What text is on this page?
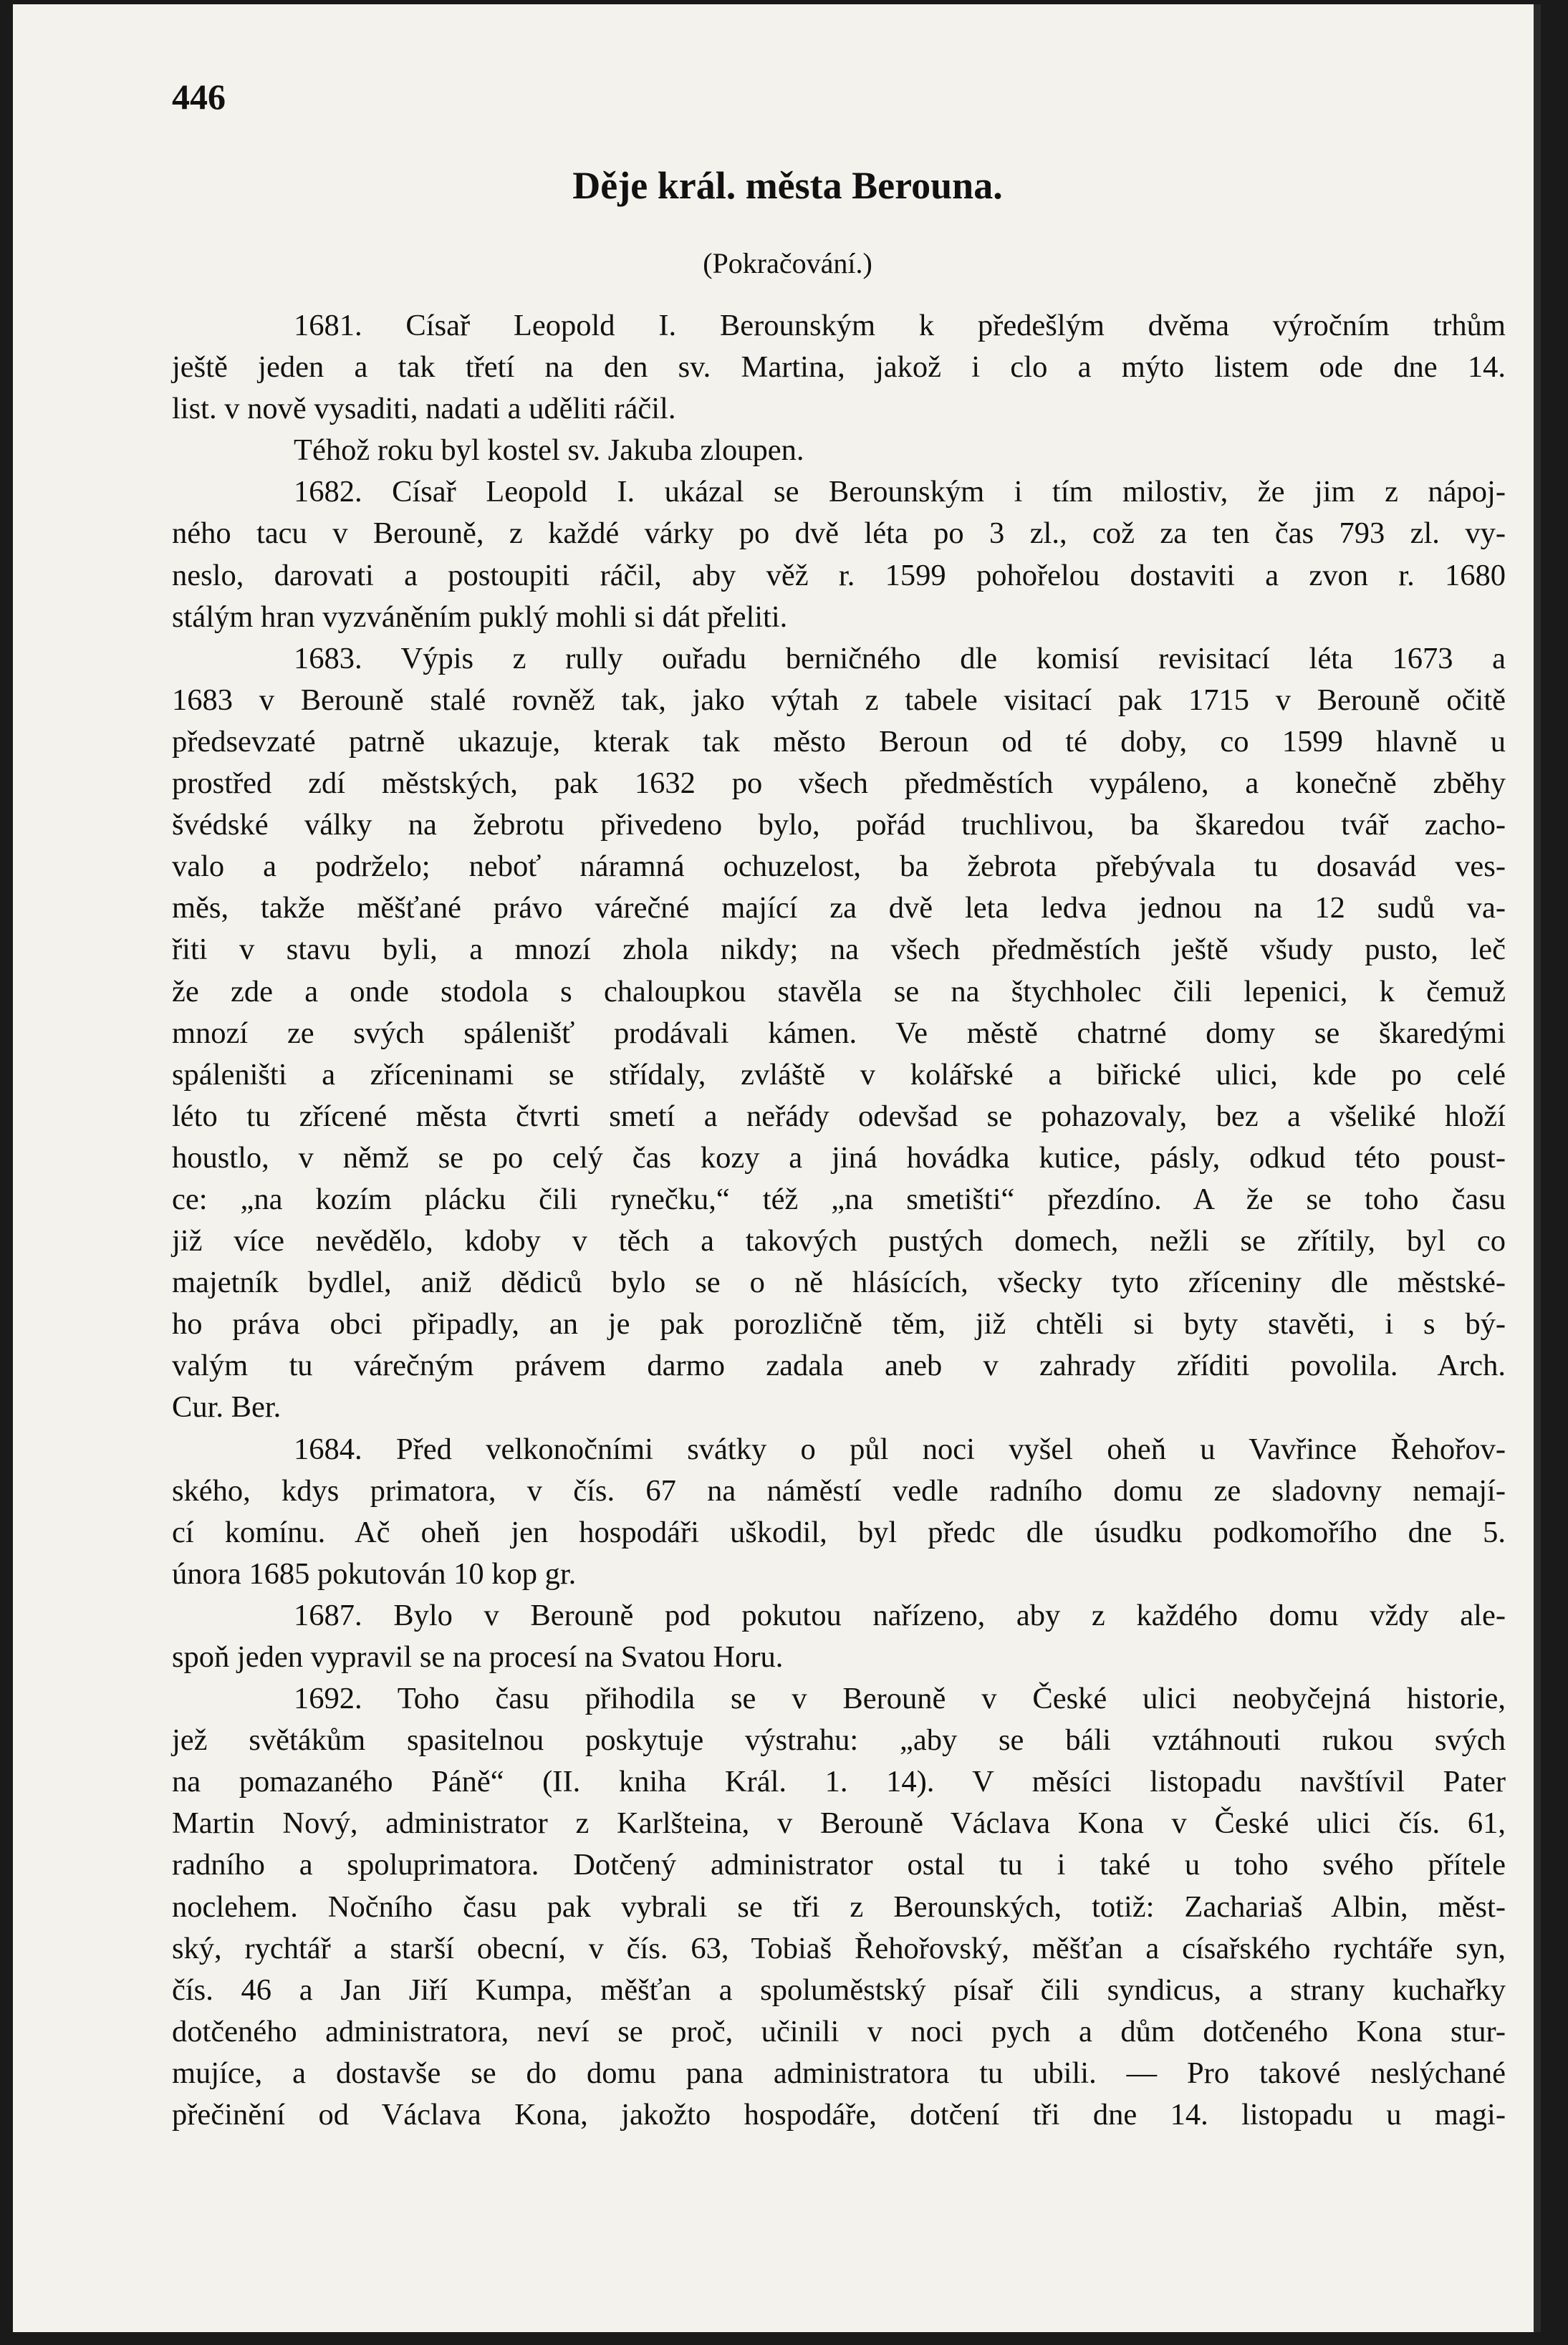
446
Děje král. města Berouna.
(Pokračování.)
1681. Císař Leopold I. Berounským k předešlým dvěma výročním trhům
ještě jeden a tak třetí na den sv. Martina, jakož i clo a mýto listem ode dne 14.
list. v nově vysaditi, nadati a uděliti ráčil.
Téhož roku byl kostel sv. Jakuba zloupen.
1682. Císař Leopold I. ukázal se Berounským i tím milostiv, že jim z nápoj-
ného tacu v Berouně, z každé várky po dvě léta po 3 zl., což za ten čas 793 zl. vy-
neslo, darovati a postoupiti ráčil, aby věž r. 1599 pohořelou dostaviti a zvon r. 1680
stálým hran vyzváněním puklý mohli si dát přeliti.
1683. Výpis z rully ouřadu berničného dle komisí revisitací léta 1673 a
1683 v Berouně stalé rovněž tak, jako výtah z tabele visitací pak 1715 v Berouně očitě
předsevzaté patrně ukazuje, kterak tak město Beroun od té doby, co 1599 hlavně u
prostřed zdí městských, pak 1632 po všech předměstích vypáleno, a konečně zběhy
švédské války na žebrotu přivedeno bylo, pořád truchlivou, ba škaredou tvář zacho-
valo a podrželo; neboť náramná ochuzelost, ba žebrota přebývala tu dosavád ves-
měs, takže měšťané právo várečné mající za dvě leta ledva jednou na 12 sudů va-
řiti v stavu byli, a mnozí zhola nikdy; na všech předměstích ještě všudy pusto, leč
že zde a onde stodola s chaloupkou stavěla se na štychholec čili lepenici, k čemuž
mnozí ze svých spálenišť prodávali kámen. Ve městě chatrné domy se škaredými
spáleništi a zříceninami se střídaly, zvláště v kolářské a biřické ulici, kde po celé
léto tu zřícené města čtvrti smetí a neřády odevšad se pohazovaly, bez a všeliké hloží
houstlo, v němž se po celý čas kozy a jiná hovádka kutice, pásly, odkud této poust-
ce: „na kozím plácku čili rynečku,“ též „na smetišti“ přezdíno. A že se toho času
již více nevědělo, kdoby v těch a takových pustých domech, nežli se zřítily, byl co
majetník bydlel, aniž dědiců bylo se o ně hlásících, všecky tyto zříceniny dle městské-
ho práva obci připadly, an je pak porozličně těm, již chtěli si byty stavěti, i s bý-
valým tu várečným právem darmo zadala aneb v zahrady zříditi povolila. Arch.
Cur. Ber.
1684. Před velkonočními svátky o půl noci vyšel oheň u Vavřince Řehořov-
ského, kdys primatora, v čís. 67 na náměstí vedle radního domu ze sladovny nemají-
cí komínu. Ač oheň jen hospodáři uškodil, byl předc dle úsudku podkomořího dne 5.
února 1685 pokutován 10 kop gr.
1687. Bylo v Berouně pod pokutou nařízeno, aby z každého domu vždy ale-
spoň jeden vypravil se na procesí na Svatou Horu.
1692. Toho času přihodila se v Berouně v České ulici neobyčejná historie,
jež světákům spasitelnou poskytuje výstrahu: „aby se báli vztáhnouti rukou svých
na pomazaného Páně“ (II. kniha Král. 1. 14). V měsíci listopadu navštívil Pater
Martin Nový, administrator z Karlšteina, v Berouně Václava Kona v České ulici čís. 61,
radního a spoluprimatora. Dotčený administrator ostal tu i také u toho svého přítele
noclehem. Nočního času pak vybrali se tři z Berounských, totiž: Zachariaš Albin, měst-
ský, rychtář a starší obecní, v čís. 63, Tobiaš Řehořovský, měšťan a císařského rychtáře syn,
čís. 46 a Jan Jiří Kumpa, měšťan a spoluměstský písař čili syndicus, a strany kuchařky
dotčeného administratora, neví se proč, učinili v noci pych a dům dotčeného Kona stur-
mujíce, a dostavše se do domu pana administratora tu ubili. — Pro takové neslýchané
přečinění od Václava Kona, jakožto hospodáře, dotčení tři dne 14. listopadu u magi-
